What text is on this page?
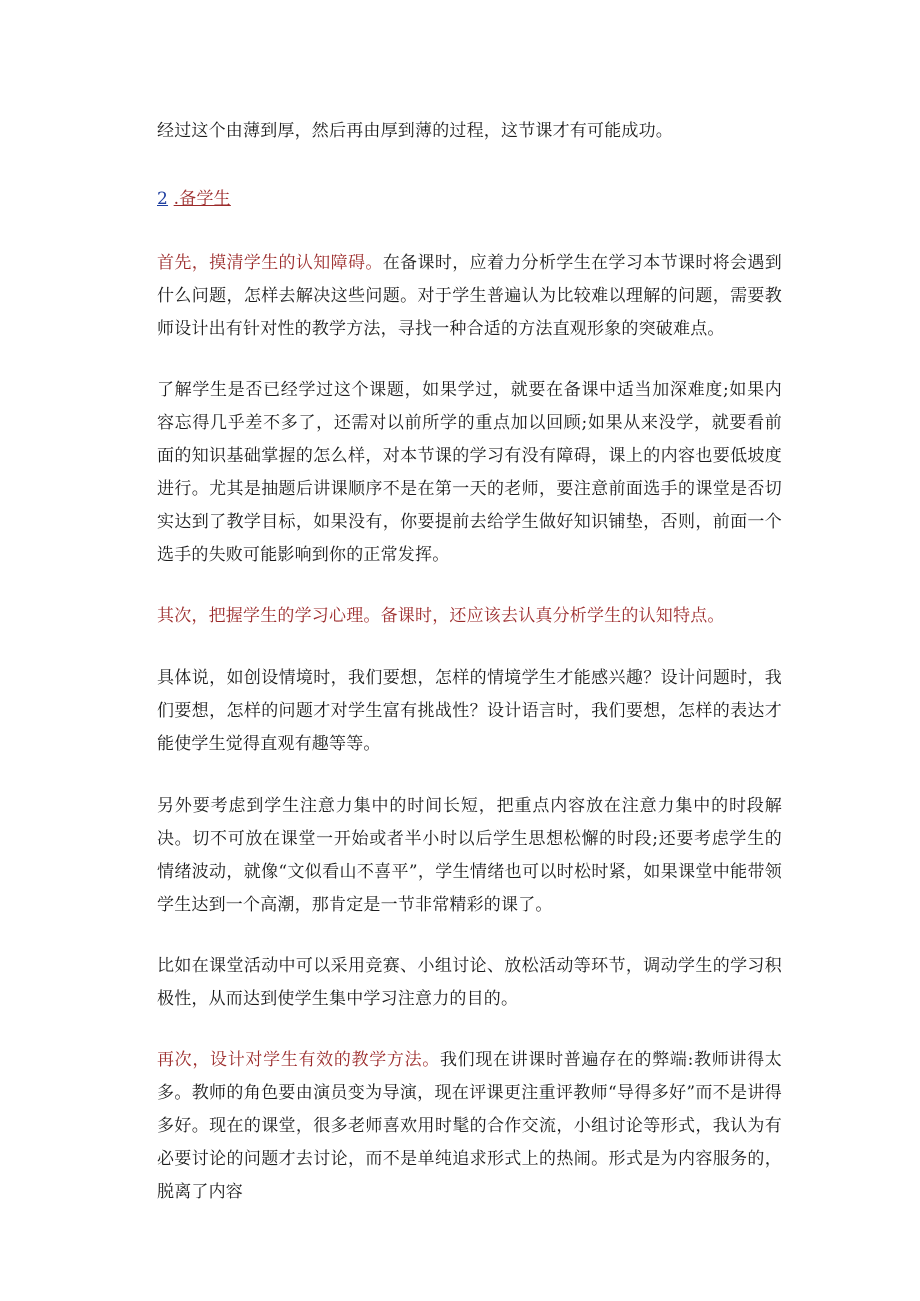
经过这个由薄到厚，然后再由厚到薄的过程，这节课才有可能成功。

2 .备学生

首先，摸清学生的认知障碍。在备课时，应着力分析学生在学习本节课时将会遇到什么问题，怎样去解决这些问题。对于学生普遍认为比较难以理解的问题，需要教师设计出有针对性的教学方法，寻找一种合适的方法直观形象的突破难点。

了解学生是否已经学过这个课题，如果学过，就要在备课中适当加深难度;如果内容忘得几乎差不多了，还需对以前所学的重点加以回顾;如果从来没学，就要看前面的知识基础掌握的怎么样，对本节课的学习有没有障碍，课上的内容也要低坡度进行。尤其是抽题后讲课顺序不是在第一天的老师，要注意前面选手的课堂是否切实达到了教学目标，如果没有，你要提前去给学生做好知识铺垫，否则，前面一个选手的失败可能影响到你的正常发挥。

其次，把握学生的学习心理。备课时，还应该去认真分析学生的认知特点。

具体说，如创设情境时，我们要想，怎样的情境学生才能感兴趣？设计问题时，我们要想，怎样的问题才对学生富有挑战性？设计语言时，我们要想，怎样的表达才能使学生觉得直观有趣等等。

另外要考虑到学生注意力集中的时间长短，把重点内容放在注意力集中的时段解决。切不可放在课堂一开始或者半小时以后学生思想松懈的时段;还要考虑学生的情绪波动，就像“文似看山不喜平”，学生情绪也可以时松时紧，如果课堂中能带领学生达到一个高潮，那肯定是一节非常精彩的课了。

比如在课堂活动中可以采用竞赛、小组讨论、放松活动等环节，调动学生的学习积极性，从而达到使学生集中学习注意力的目的。

再次，设计对学生有效的教学方法。我们现在讲课时普遍存在的弊端:教师讲得太多。教师的角色要由演员变为导演，现在评课更注重评教师“导得多好”而不是讲得多好。现在的课堂，很多老师喜欢用时髦的合作交流，小组讨论等形式，我认为有必要讨论的问题才去讨论，而不是单纯追求形式上的热闹。形式是为内容服务的，脱离了内容
